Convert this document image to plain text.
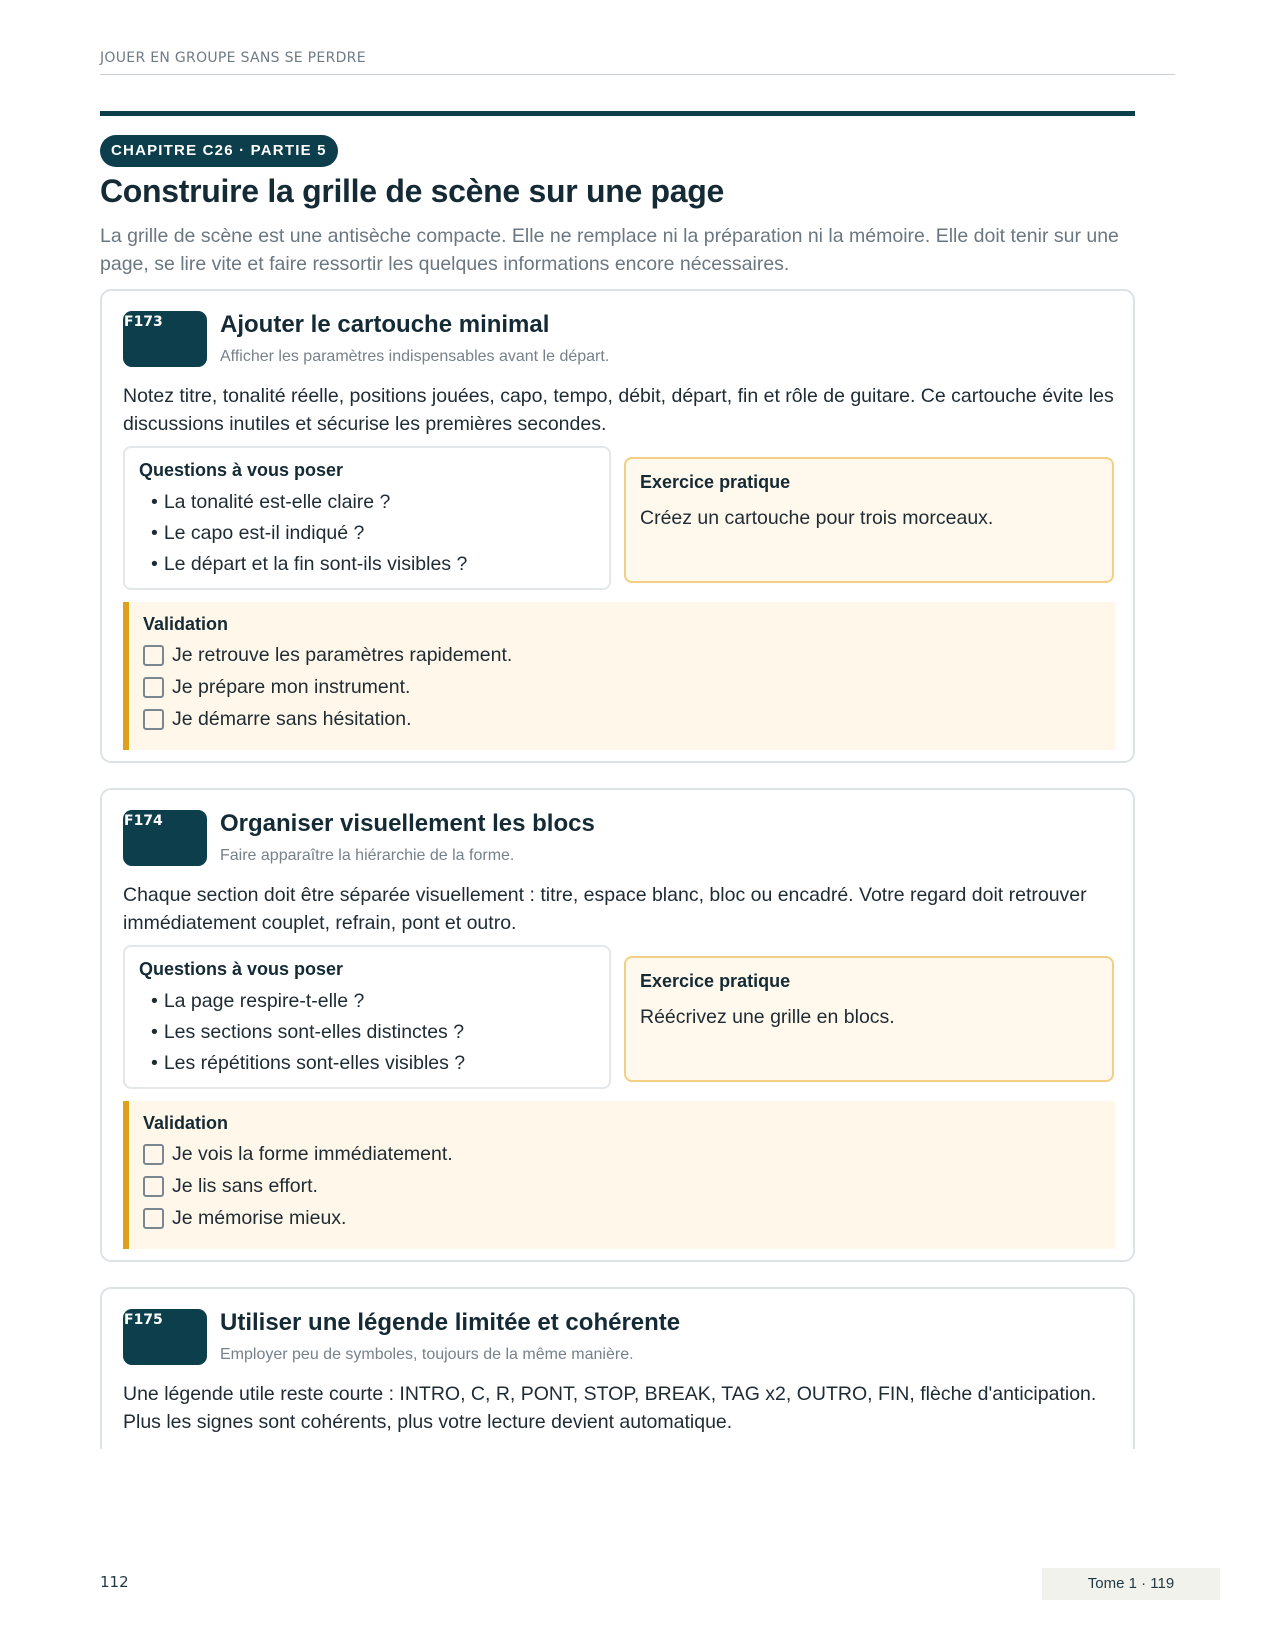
JOUER EN GROUPE SANS SE PERDRE
CHAPITRE C26 · PARTIE 5
Construire la grille de scène sur une page

La grille de scène est une antisèche compacte. Elle ne remplace ni la préparation ni la mémoire. Elle doit tenir sur une page, se lire vite et faire ressortir les quelques informations encore nécessaires.

F173 Ajouter le cartouche minimal

Afficher les paramètres indispensables avant le départ.

Notez titre, tonalité réelle, positions jouées, capo, tempo, débit, départ, fin et rôle de guitare. Ce cartouche évite les discussions inutiles et sécurise les premières secondes.

Questions à vous poser
• La tonalité est-elle claire ?
• Le capo est-il indiqué ?
• Le départ et la fin sont-ils visibles ?
Exercice pratique

Créez un cartouche pour trois morceaux.

Validation
Je retrouve les paramètres rapidement.
Je prépare mon instrument.
Je démarre sans hésitation.
F174 Organiser visuellement les blocs

Faire apparaître la hiérarchie de la forme.

Chaque section doit être séparée visuellement : titre, espace blanc, bloc ou encadré. Votre regard doit retrouver immédiatement couplet, refrain, pont et outro.

Questions à vous poser
• La page respire-t-elle ?
• Les sections sont-elles distinctes ?
• Les répétitions sont-elles visibles ?
Exercice pratique

Réécrivez une grille en blocs.

Validation
Je vois la forme immédiatement.
Je lis sans effort.
Je mémorise mieux.
F175 Utiliser une légende limitée et cohérente

Employer peu de symboles, toujours de la même manière.

Une légende utile reste courte : INTRO, C, R, PONT, STOP, BREAK, TAG x2, OUTRO, FIN, flèche d'anticipation. Plus les signes sont cohérents, plus votre lecture devient automatique.

112	Tome 1 · 119
